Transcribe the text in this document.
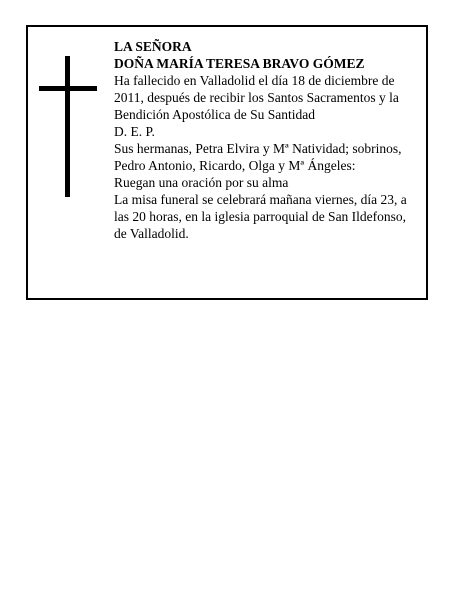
LA SEÑORA

DOÑA MARÍA TERESA BRAVO GÓMEZ

Ha fallecido en Valladolid el día 18 de diciembre de 2011, después de recibir los Santos Sacramentos y la Bendición Apostólica de Su Santidad

D. E. P.

Sus hermanas, Petra Elvira y Mª Natividad; sobrinos, Pedro Antonio, Ricardo, Olga y Mª Ángeles:

Ruegan una oración por su alma

La misa funeral se celebrará mañana viernes, día 23, a las 20 horas, en la iglesia parroquial de San Ildefonso, de Valladolid.
